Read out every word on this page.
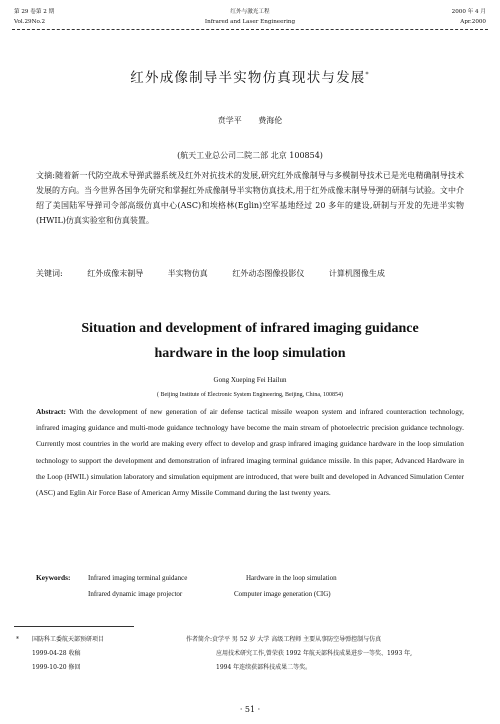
第 29 卷第 2 期
Vol.29No.2
红外与激光工程
Infrared and Laser Engineering
2000 年 4 月
Apr.2000
红外成像制导半实物仿真现状与发展*
贲学平 费海伦
(航天工业总公司二院二部 北京 100854)
文摘:随着新一代防空战术导弹武器系统及红外对抗技术的发展,研究红外成像制导与多模制导技术已是光电精确制导技术发展的方向。当今世界各国争先研究和掌握红外成像制导半实物仿真技术,用于红外成像末制导导弹的研制与试验。文中介绍了美国陆军导弹司令部高级仿真中心(ASC)和埃格林(Eglin)空军基地经过 20 多年的建设,研制与开发的先进半实物(HWIL)仿真实验室和仿真装置。
关键词:	红外成像末制导	半实物仿真	红外动态图像投影仪	计算机图像生成
Situation and development of infrared imaging guidance
hardware in the loop simulation
Gong Xueping Fei Hailun
( Beijing Institute of Electronic System Engineering, Beijing, China, 100854)
Abstract: With the development of new generation of air defense tactical missile weapon system and infrared counteraction technology, infrared imaging guidance and multi-mode guidance technology have become the main stream of photoelectric precision guidance technology. Currently most countries in the world are making every effect to develop and grasp infrared imaging guidance hardware in the loop simulation technology to support the development and demonstration of infrared imaging terminal guidance missile. In this paper, Advanced Hardware in the Loop (HWIL) simulation laboratory and simulation equipment are introduced, that were built and developed in Advanced Simulation Center (ASC) and Eglin Air Force Base of American Army Missile Command during the last twenty years.
Keywords:	Infrared imaging terminal guidance	Hardware in the loop simulation
Infrared dynamic image projector	Computer image generation (CIG)
* 国防科工委航天部预研项目
1999-04-28 收稿
1999-10-20 修回
作者简介:贲学平 男 52 岁 大学 高级工程师 主要从事防空导弹控制与仿真
应用技术研究工作,曾荣获 1992 年航天部科技成果进步一等奖、1993 年,
1994 年连续获部科技成果二等奖。
· 51 ·
